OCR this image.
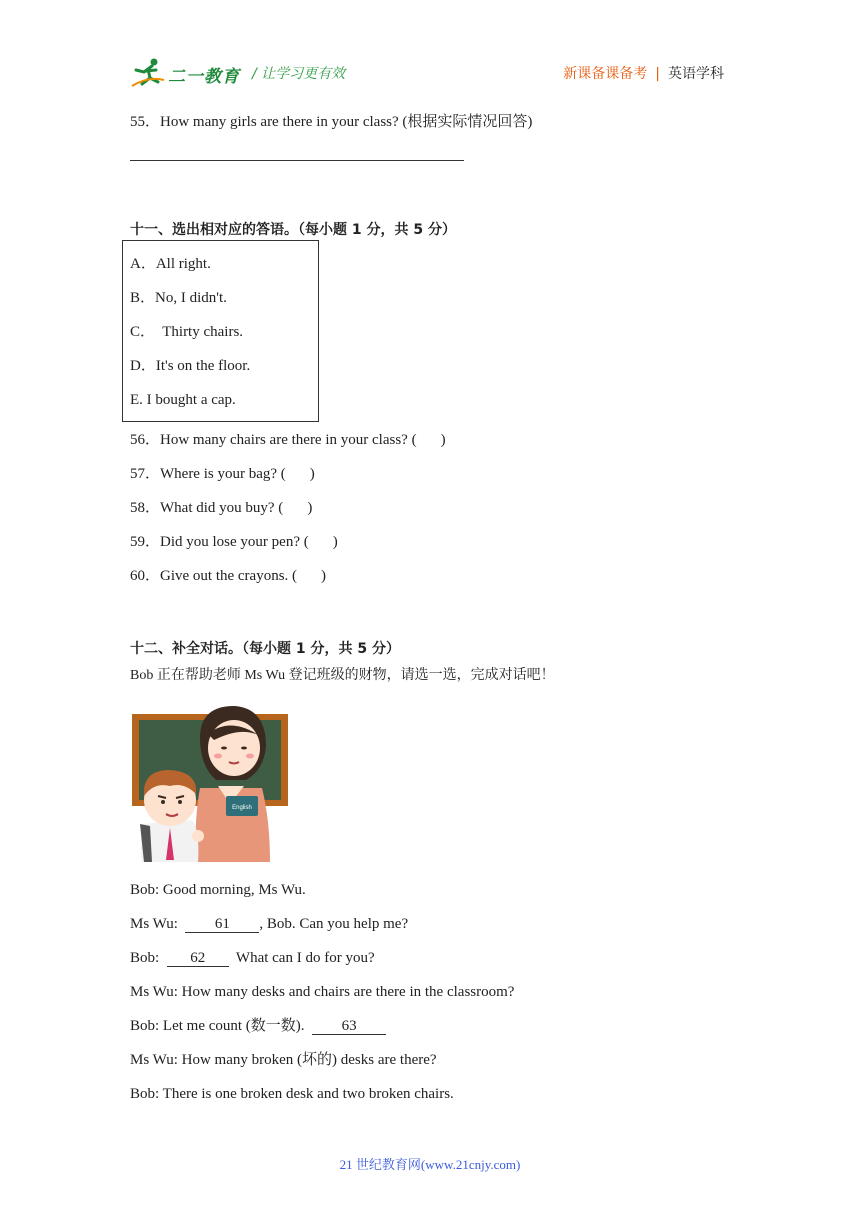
二一教育 / 让学习更有效	新课备课备考 | 英语学科
55．How many girls are there in your class? (根据实际情况回答)
十一、选出相对应的答语。（每小题 1 分，共 5 分）
A．All right.
B．No, I didn't.
C．  Thirty chairs.
D．It's on the floor.
E. I bought a cap.
56．How many chairs are there in your class? ( )
57．Where is your bag? ( )
58．What did you buy? ( )
59．Did you lose your pen? ( )
60．Give out the crayons. ( )
十二、补全对话。（每小题 1 分，共 5 分）
Bob 正在帮助老师 Ms Wu 登记班级的财物，请选一选，完成对话吧！
English
Bob: Good morning, Ms Wu.
Ms Wu:  61 , Bob. Can you help me?
Bob:  62  What can I do for you?
Ms Wu: How many desks and chairs are there in the classroom?
Bob: Let me count (数一数).  63
Ms Wu: How many broken (坏的) desks are there?
Bob: There is one broken desk and two broken chairs.
21 世纪教育网(www.21cnjy.com)
